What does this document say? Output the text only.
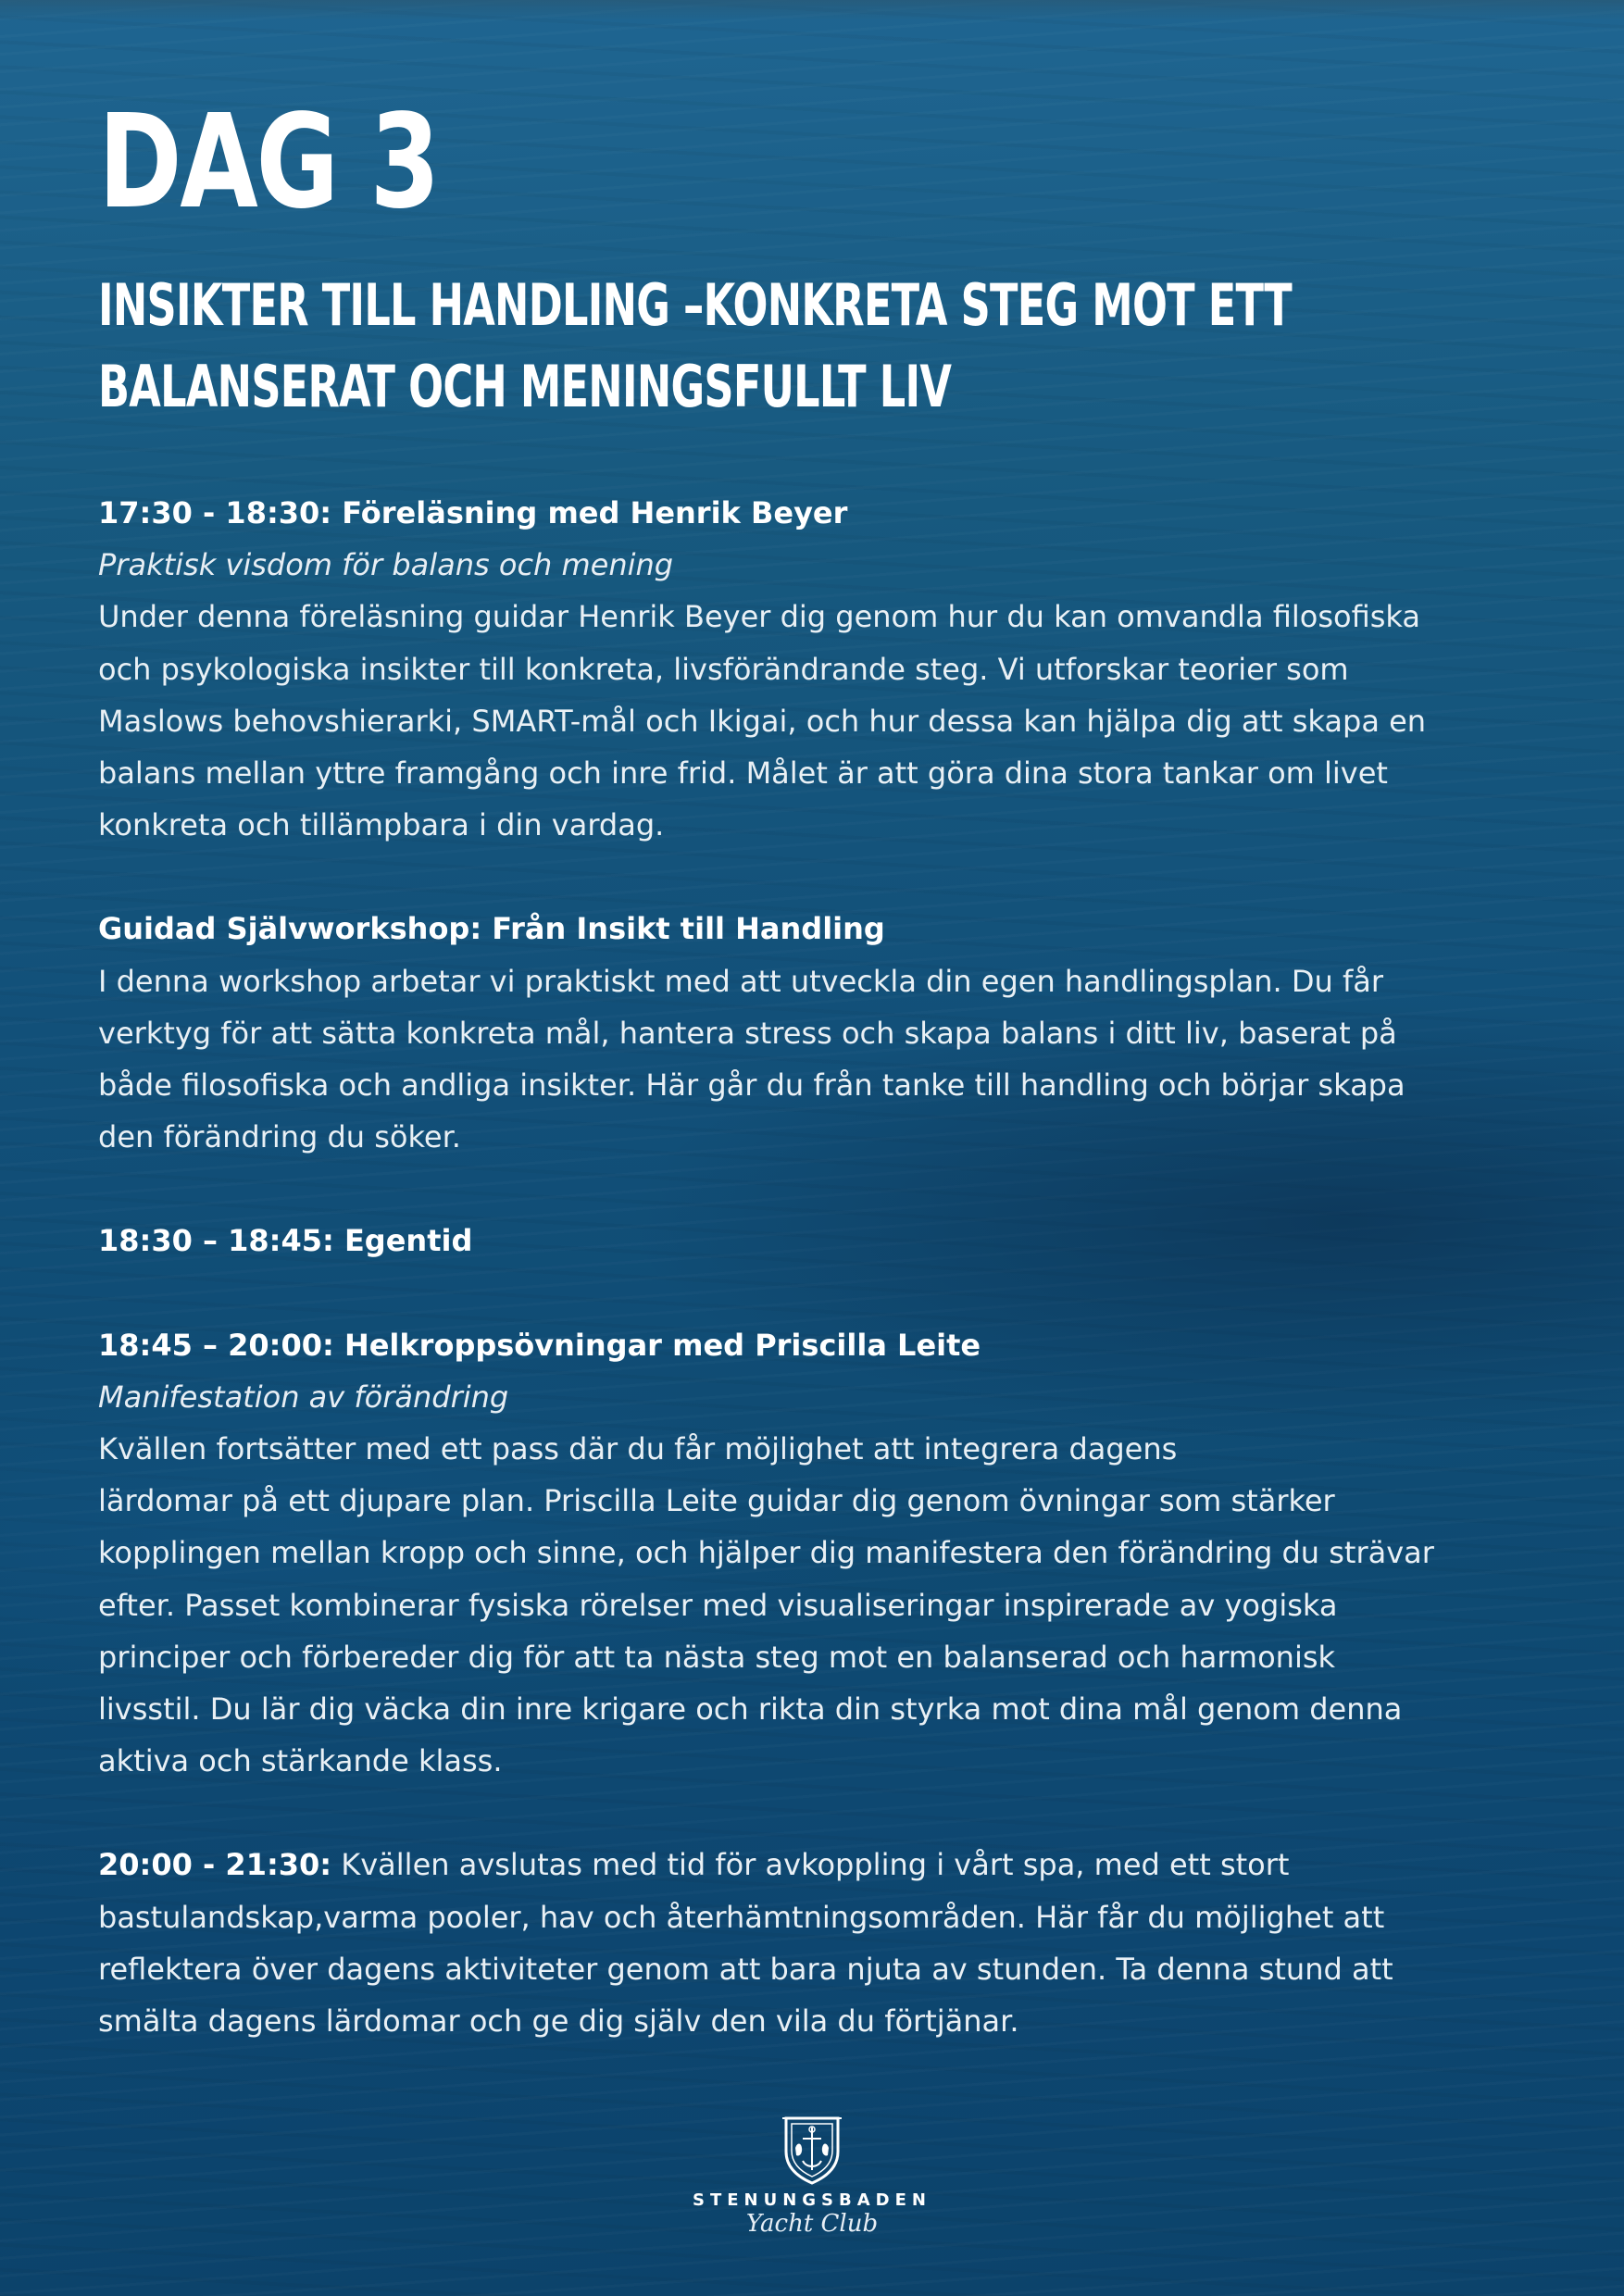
DAG 3
INSIKTER TILL HANDLING –KONKRETA STEG MOT ETT BALANSERAT OCH MENINGSFULLT LIV

17:30 - 18:30: Föreläsning med Henrik Beyer

Praktisk visdom för balans och mening

Under denna föreläsning guidar Henrik Beyer dig genom hur du kan omvandla filosofiska och psykologiska insikter till konkreta, livsförändrande steg. Vi utforskar teorier som Maslows behovshierarki, SMART-mål och Ikigai, och hur dessa kan hjälpa dig att skapa en balans mellan yttre framgång och inre frid. Målet är att göra dina stora tankar om livet konkreta och tillämpbara i din vardag.

Guidad Självworkshop: Från Insikt till Handling

I denna workshop arbetar vi praktiskt med att utveckla din egen handlingsplan. Du får verktyg för att sätta konkreta mål, hantera stress och skapa balans i ditt liv, baserat på både filosofiska och andliga insikter. Här går du från tanke till handling och börjar skapa den förändring du söker.

18:30 – 18:45: Egentid

18:45 – 20:00: Helkroppsövningar med Priscilla Leite

Manifestation av förändring

Kvällen fortsätter med ett pass där du får möjlighet att integrera dagens

lärdomar på ett djupare plan. Priscilla Leite guidar dig genom övningar som stärker kopplingen mellan kropp och sinne, och hjälper dig manifestera den förändring du strävar efter. Passet kombinerar fysiska rörelser med visualiseringar inspirerade av yogiska principer och förbereder dig för att ta nästa steg mot en balanserad och harmonisk livsstil. Du lär dig väcka din inre krigare och rikta din styrka mot dina mål genom denna aktiva och stärkande klass.

20:00 - 21:30: Kvällen avslutas med tid för avkoppling i vårt spa, med ett stort bastulandskap,varma pooler, hav och återhämtningsområden. Här får du möjlighet att reflektera över dagens aktiviteter genom att bara njuta av stunden. Ta denna stund att smälta dagens lärdomar och ge dig själv den vila du förtjänar.

STENUNGSBADEN
Yacht Club
